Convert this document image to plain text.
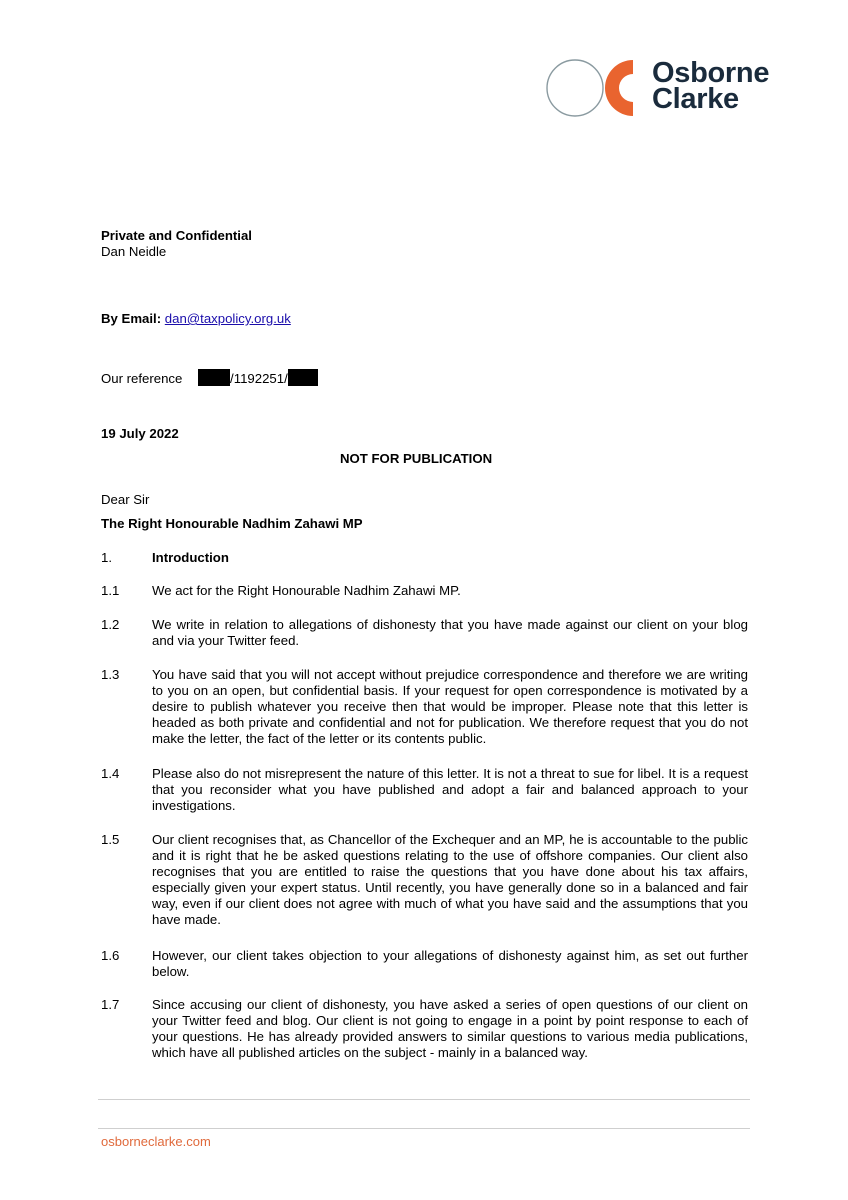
Osborne
Clarke
Private and Confidential
Dan Neidle
By Email: dan@taxpolicy.org.uk
Our reference	/1192251/
19 July 2022
NOT FOR PUBLICATION
Dear Sir
The Right Honourable Nadhim Zahawi MP
1.	Introduction
1.1 We act for the Right Honourable Nadhim Zahawi MP.
1.2 We write in relation to allegations of dishonesty that you have made against our client on your blog and via your Twitter feed.
1.3 You have said that you will not accept without prejudice correspondence and therefore we are writing to you on an open, but confidential basis. If your request for open correspondence is motivated by a desire to publish whatever you receive then that would be improper. Please note that this letter is headed as both private and confidential and not for publication. We therefore request that you do not make the letter, the fact of the letter or its contents public.
1.4 Please also do not misrepresent the nature of this letter. It is not a threat to sue for libel. It is a request that you reconsider what you have published and adopt a fair and balanced approach to your investigations.
1.5 Our client recognises that, as Chancellor of the Exchequer and an MP, he is accountable to the public and it is right that he be asked questions relating to the use of offshore companies. Our client also recognises that you are entitled to raise the questions that you have done about his tax affairs, especially given your expert status. Until recently, you have generally done so in a balanced and fair way, even if our client does not agree with much of what you have said and the assumptions that you have made.
1.6 However, our client takes objection to your allegations of dishonesty against him, as set out further below.
1.7 Since accusing our client of dishonesty, you have asked a series of open questions of our client on your Twitter feed and blog. Our client is not going to engage in a point by point response to each of your questions. He has already provided answers to similar questions to various media publications, which have all published articles on the subject - mainly in a balanced way.
osborneclarke.com
